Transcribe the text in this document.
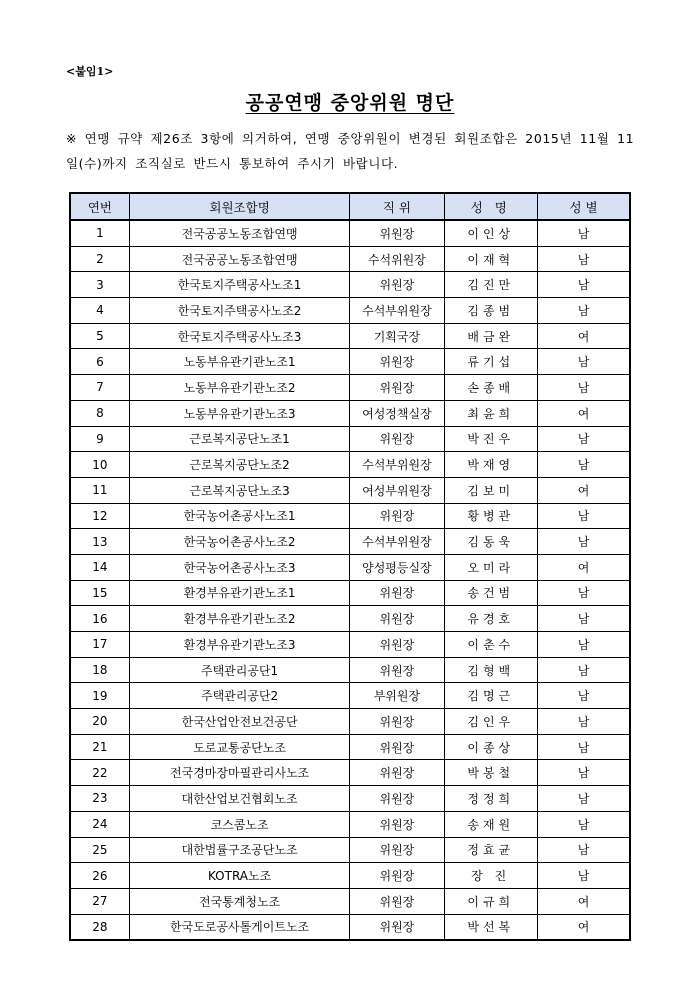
<붙임1>
공공연맹 중앙위원 명단
※ 연맹 규약 제26조 3항에 의거하여, 연맹 중앙위원이 변경된 회원조합은 2015년 11월 11일(수)까지 조직실로 반드시 통보하여 주시기 바랍니다.
연번	회원조합명	직 위	성 명	성 별
1	전국공공노동조합연맹	위원장	이인상	남
2	전국공공노동조합연맹	수석위원장	이재혁	남
3	한국토지주택공사노조1	위원장	김진만	남
4	한국토지주택공사노조2	수석부위원장	김종범	남
5	한국토지주택공사노조3	기획국장	배금완	여
6	노동부유관기관노조1	위원장	류기섭	남
7	노동부유관기관노조2	위원장	손종배	남
8	노동부유관기관노조3	여성정책실장	최윤희	여
9	근로복지공단노조1	위원장	박진우	남
10	근로복지공단노조2	수석부위원장	박재영	남
11	근로복지공단노조3	여성부위원장	김보미	여
12	한국농어촌공사노조1	위원장	황병관	남
13	한국농어촌공사노조2	수석부위원장	김동욱	남
14	한국농어촌공사노조3	양성평등실장	오미라	여
15	환경부유관기관노조1	위원장	송건범	남
16	환경부유관기관노조2	위원장	유경호	남
17	환경부유관기관노조3	위원장	이춘수	남
18	주택관리공단1	위원장	김형백	남
19	주택관리공단2	부위원장	김명근	남
20	한국산업안전보건공단	위원장	김인우	남
21	도로교통공단노조	위원장	이종상	남
22	전국경마장마필관리사노조	위원장	박봉철	남
23	대한산업보건협회노조	위원장	정정희	남
24	코스콤노조	위원장	송재원	남
25	대한법률구조공단노조	위원장	정효균	남
26	KOTRA노조	위원장	장 진	남
27	전국통계청노조	위원장	이규희	여
28	한국도로공사톨게이트노조	위원장	박선복	여
